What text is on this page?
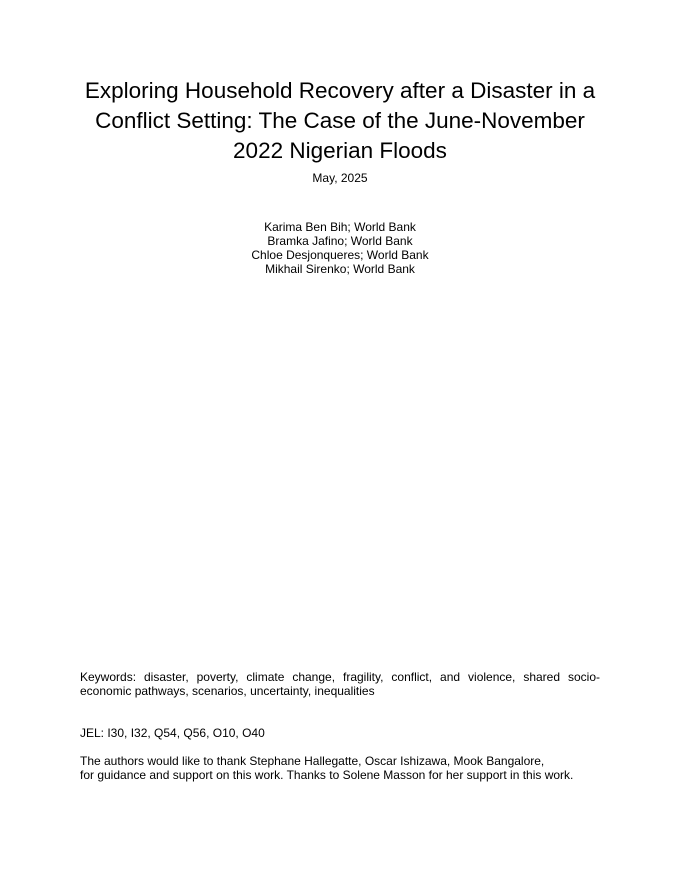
Exploring Household Recovery after a Disaster in a
Conflict Setting: The Case of the June-November
2022 Nigerian Floods
May, 2025
Karima Ben Bih; World Bank
Bramka Jafino; World Bank
Chloe Desjonqueres; World Bank
Mikhail Sirenko; World Bank

Keywords: disaster, poverty, climate change, fragility, conflict, and violence, shared socio-economic pathways, scenarios, uncertainty, inequalities

JEL: I30, I32, Q54, Q56, O10, O40

The authors would like to thank Stephane Hallegatte, Oscar Ishizawa, Mook Bangalore,
for guidance and support on this work. Thanks to Solene Masson for her support in this work.
